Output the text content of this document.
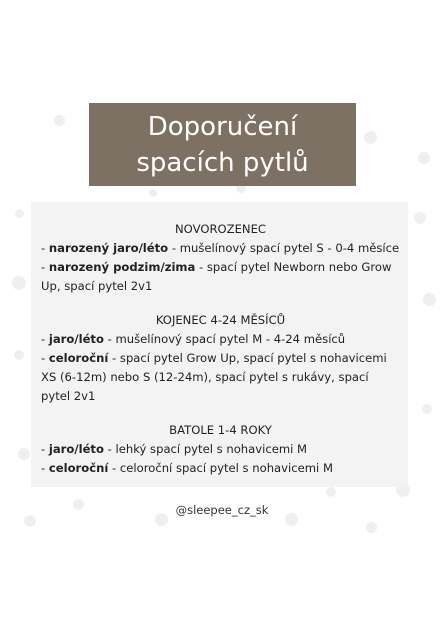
Doporučení
spacích pytlů
NOVOROZENEC

- narozený jaro/léto - mušelínový spací pytel S - 0-4 měsíce

- narozený podzim/zima - spací pytel Newborn nebo Grow Up, spací pytel 2v1

KOJENEC 4-24 MĚSÍCŮ

- jaro/léto - mušelínový spací pytel M - 4-24 měsíců

- celoroční - spací pytel Grow Up, spací pytel s nohavicemi XS (6-12m) nebo S (12-24m), spací pytel s rukávy, spací pytel 2v1

BATOLE 1-4 ROKY

- jaro/léto - lehký spací pytel s nohavicemi M

- celoroční - celoroční spací pytel s nohavicemi M

@sleepee_cz_sk
